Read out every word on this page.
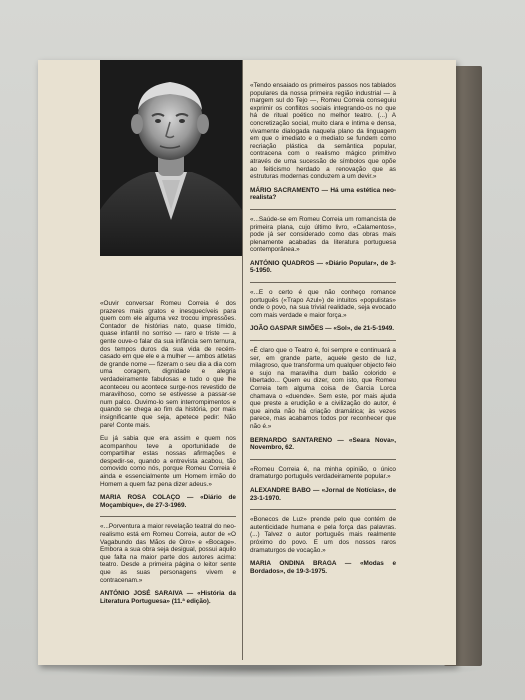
«Ouvir conversar Romeu Correia é dos prazeres mais gratos e inesquecíveis para quem com ele alguma vez trocou impressões. Contador de histórias nato, quase tímido, quase infantil no sorriso — raro e triste — a gente ouve-o falar da sua infância sem ternura, dos tempos duros da sua vida de recém-casado em que ele e a mulher — ambos atletas de grande nome — fizeram o seu dia a dia com uma coragem, dignidade e alegria verdadeiramente fabulosas e tudo o que lhe aconteceu ou acontece surge-nos revestido de maravilhoso, como se estivesse a passar-se num palco. Ouvimo-lo sem interrompimentos e quando se chega ao fim da história, por mais insignificante que seja, apetece pedir: Não pare! Conte mais.

Eu já sabia que era assim e quem nos acompanhou teve a oportunidade de compartilhar estas nossas afirmações e despedir-se, quando a entrevista acabou, tão comovido como nós, porque Romeu Correia é ainda e essencialmente um Homem irmão do Homem a quem faz pena dizer adeus.»

MARIA ROSA COLAÇO — «Diário de Moçambique», de 27-3-1969.

«...Porventura a maior revelação teatral do neo-realismo está em Romeu Correia, autor de «O Vagabundo das Mãos de Oiro» e «Bocage». Embora a sua obra seja desigual, possui aquilo que falta na maior parte dos autores acima: teatro. Desde a primeira página o leitor sente que as suas personagens vivem e contracenam.»

ANTÓNIO JOSÉ SARAIVA — «História da Literatura Portuguesa» (11.ª edição).

«Tendo ensaiado os primeiros passos nos tablados populares da nossa primeira região industrial — à margem sul do Tejo —, Romeu Correia conseguiu exprimir os conflitos sociais integrando-os no que há de ritual poético no melhor teatro. (...) A concretização social, muito clara e íntima e densa, vivamente dialogada naquela plano da linguagem em que o imediato e o mediato se fundem como recriação plástica da semântica popular, contracena com o realismo mágico primitivo através de uma sucessão de símbolos que opõe ao feiticismo herdado a renovação que as estruturas modernas conduzem a um devir.»

MÁRIO SACRAMENTO — Há uma estética neo-realista?

«...Saúde-se em Romeu Correia um romancista de primeira plana, cujo último livro, «Calamentos», pode já ser considerado como das obras mais plenamente acabadas da literatura portuguesa contemporânea.»

ANTÓNIO QUADROS — «Diário Popular», de 3-5-1950.

«...E o certo é que não conheço romance português («Trapo Azul») de intuitos «populistas» onde o povo, na sua trivial realidade, seja evocado com mais verdade e maior força.»

JOÃO GASPAR SIMÕES — «Sol», de 21-5-1949.

«É claro que o Teatro é, foi sempre e continuará a ser, em grande parte, aquele gesto de luz, milagroso, que transforma um qualquer objecto feio e sujo na maravilha dum balão colorido e libertado... Quem eu dizer, com isto, que Romeu Correia tem alguma coisa de Garcia Lorca chamava o «duende». Sem este, por mais ajuda que preste a erudição e a civilização do autor, é que ainda não há criação dramática; às vezes parece, mas acabamos todos por reconhecer que não é.»

BERNARDO SANTARENO — «Seara Nova», Novembro, 62.

«Romeu Correia é, na minha opinião, o único dramaturgo português verdadeiramente popular.»

ALEXANDRE BABO — «Jornal de Notícias», de 23-1-1970.

«Bonecos de Luz» prende pelo que contém de autenticidade humana e pela força das palavras. (...) Talvez o autor português mais realmente próximo do povo. E um dos nossos raros dramaturgos de vocação.»

MARIA ONDINA BRAGA — «Modas e Bordados», de 19-3-1975.
